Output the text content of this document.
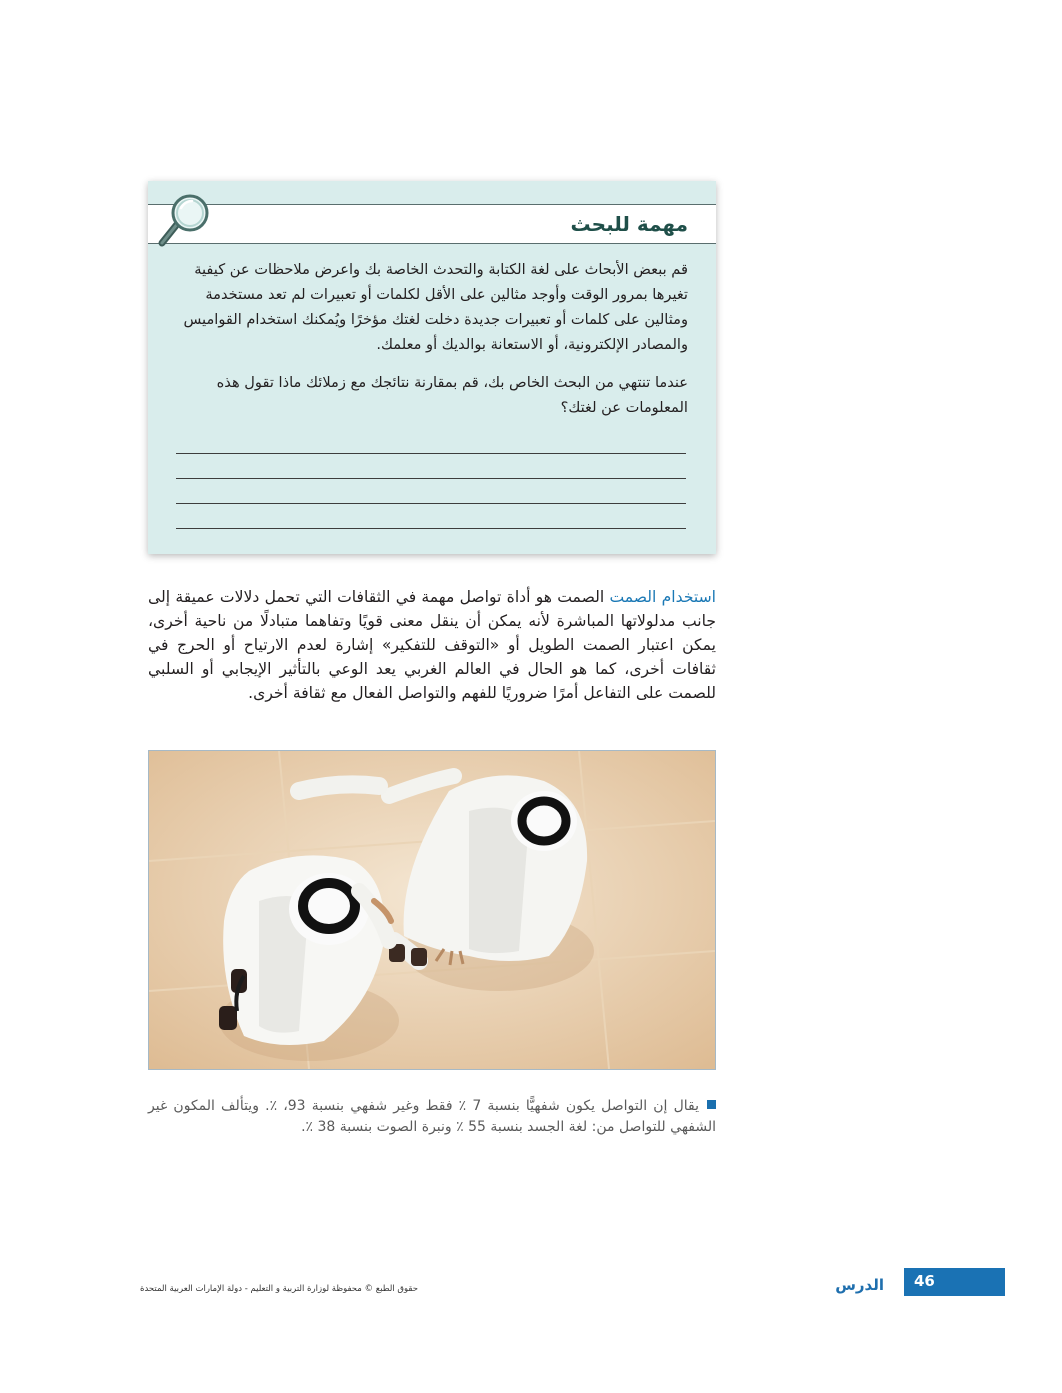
مهمة للبحث
قم ببعض الأبحاث على لغة الكتابة والتحدث الخاصة بك واعرض ملاحظات عن كيفية تغيرها بمرور الوقت وأوجد مثالين على الأقل لكلمات أو تعبيرات لم تعد مستخدمة ومثالين على كلمات أو تعبيرات جديدة دخلت لغتك مؤخرًا ويُمكنك استخدام القواميس والمصادر الإلكترونية، أو الاستعانة بوالديك أو معلمك.
عندما تنتهي من البحث الخاص بك، قم بمقارنة نتائجك مع زملائك ماذا تقول هذه المعلومات عن لغتك؟
استخدام الصمت الصمت هو أداة تواصل مهمة في الثقافات التي تحمل دلالات عميقة إلى جانب مدلولاتها المباشرة لأنه يمكن أن ينقل معنى قويًا وتفاهما متبادلًا من ناحية أخرى، يمكن اعتبار الصمت الطويل أو «التوقف للتفكير» إشارة لعدم الارتياح أو الحرج في ثقافات أخرى، كما هو الحال في العالم الغربي يعد الوعي بالتأثير الإيجابي أو السلبي للصمت على التفاعل أمرًا ضروريًا للفهم والتواصل الفعال مع ثقافة أخرى.
يقال إن التواصل يكون شفهيًّا بنسبة 7 ٪ فقط وغير شفهي بنسبة 93، ٪. ويتألف المكون غير الشفهي للتواصل من: لغة الجسد بنسبة 55 ٪ ونبرة الصوت بنسبة 38 ٪.
حقوق الطبع © محفوظة لوزارة التربية و التعليم - دولة الإمارات العربية المتحدة	الدرس 46
